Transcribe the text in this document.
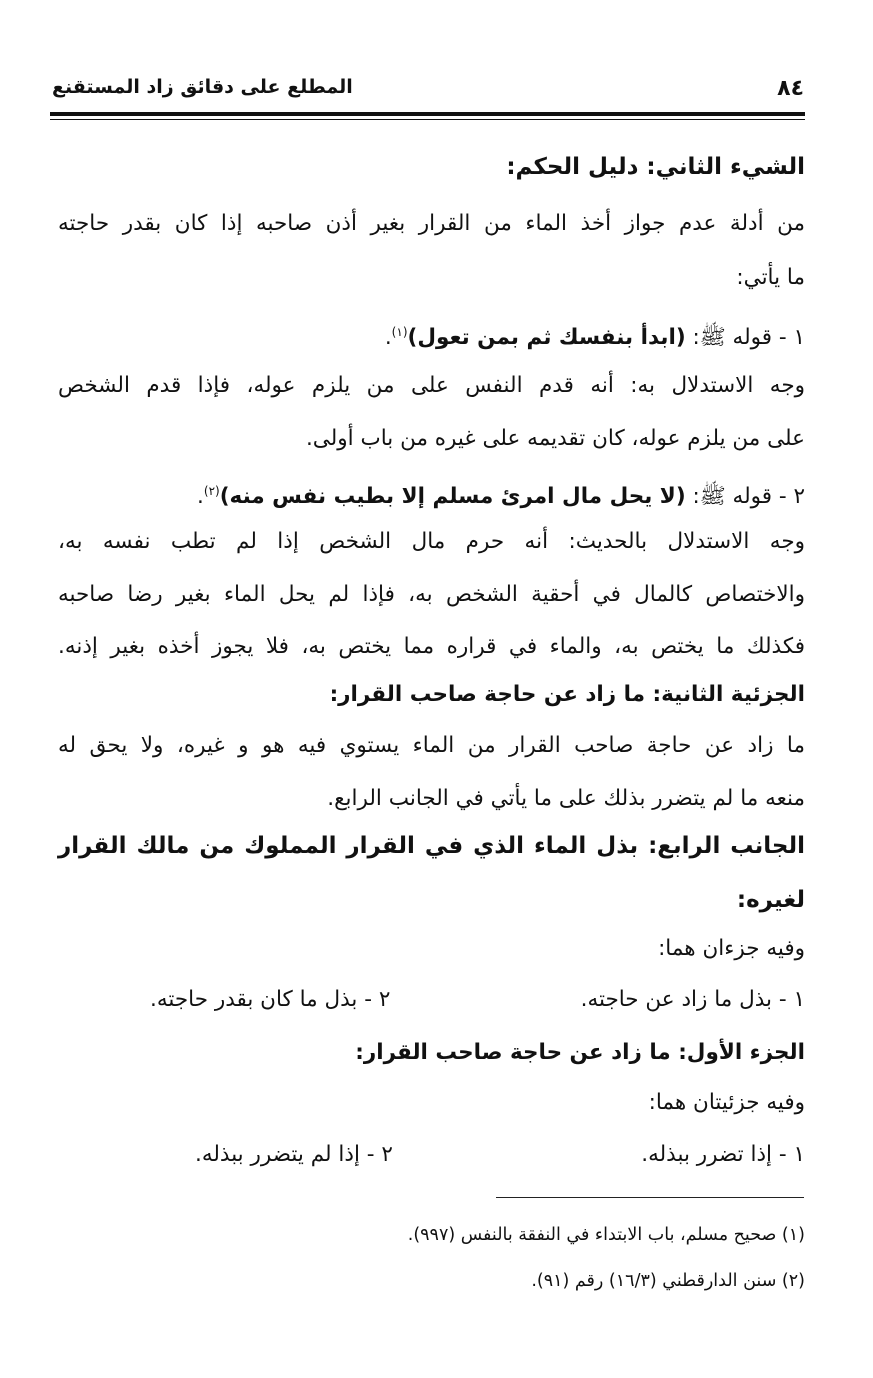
٨٤
المطلع على دقائق زاد المستقنع
الشيء الثاني: دليل الحكم:
من أدلة عدم جواز أخذ الماء من القرار بغير أذن صاحبه إذا كان بقدر حاجته
ما يأتي:
١ - قوله ﷺ: (ابدأ بنفسك ثم بمن تعول)$^{(١)}$.
وجه الاستدلال به: أنه قدم النفس على من يلزم عوله، فإذا قدم الشخص
على من يلزم عوله، كان تقديمه على غيره من باب أولى.
٢ - قوله ﷺ: (لا يحل مال امرئ مسلم إلا بطيب نفس منه)$^{(٢)}$.
وجه الاستدلال بالحديث: أنه حرم مال الشخص إذا لم تطب نفسه به،
والاختصاص كالمال في أحقية الشخص به، فإذا لم يحل الماء بغير رضا صاحبه
فكذلك ما يختص به، والماء في قراره مما يختص به، فلا يجوز أخذه بغير إذنه.
الجزئية الثانية: ما زاد عن حاجة صاحب القرار:
ما زاد عن حاجة صاحب القرار من الماء يستوي فيه هو و غيره، ولا يحق له
منعه ما لم يتضرر بذلك على ما يأتي في الجانب الرابع.
الجانب الرابع: بذل الماء الذي في القرار المملوك من مالك القرار
لغيره:
وفيه جزءان هما:
١ - بذل ما زاد عن حاجته.
٢ - بذل ما كان بقدر حاجته.
الجزء الأول: ما زاد عن حاجة صاحب القرار:
وفيه جزئيتان هما:
١ - إذا تضرر ببذله.
٢ - إذا لم يتضرر ببذله.
(١) صحيح مسلم، باب الابتداء في النفقة بالنفس (٩٩٧).
(٢) سنن الدارقطني (١٦/٣) رقم (٩١).
